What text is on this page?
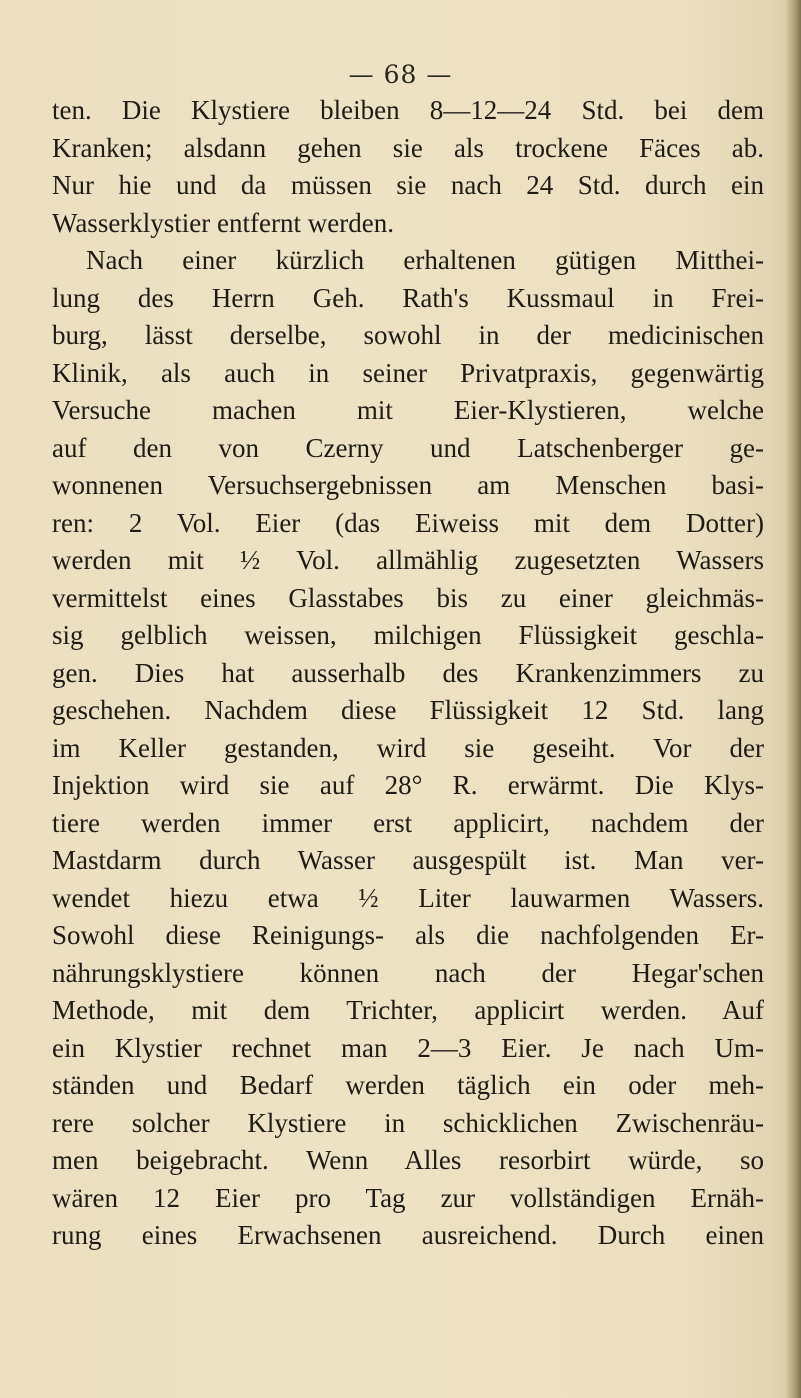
— 68 —
ten. Die Klystiere bleiben 8—12—24 Std. bei dem
Kranken; alsdann gehen sie als trockene Fäces ab.
Nur hie und da müssen sie nach 24 Std. durch ein
Wasserklystier entfernt werden.
Nach einer kürzlich erhaltenen gütigen Mitthei-
lung des Herrn Geh. Rath's Kussmaul in Frei-
burg, lässt derselbe, sowohl in der medicinischen
Klinik, als auch in seiner Privatpraxis, gegenwärtig
Versuche machen mit Eier-Klystieren, welche
auf den von Czerny und Latschenberger ge-
wonnenen Versuchsergebnissen am Menschen basi-
ren: 2 Vol. Eier (das Eiweiss mit dem Dotter)
werden mit ½ Vol. allmählig zugesetzten Wassers
vermittelst eines Glasstabes bis zu einer gleichmäs-
sig gelblich weissen, milchigen Flüssigkeit geschla-
gen. Dies hat ausserhalb des Krankenzimmers zu
geschehen. Nachdem diese Flüssigkeit 12 Std. lang
im Keller gestanden, wird sie geseiht. Vor der
Injektion wird sie auf 28° R. erwärmt. Die Klys-
tiere werden immer erst applicirt, nachdem der
Mastdarm durch Wasser ausgespült ist. Man ver-
wendet hiezu etwa ½ Liter lauwarmen Wassers.
Sowohl diese Reinigungs- als die nachfolgenden Er-
nährungsklystiere können nach der Hegar'schen
Methode, mit dem Trichter, applicirt werden. Auf
ein Klystier rechnet man 2—3 Eier. Je nach Um-
ständen und Bedarf werden täglich ein oder meh-
rere solcher Klystiere in schicklichen Zwischenräu-
men beigebracht. Wenn Alles resorbirt würde, so
wären 12 Eier pro Tag zur vollständigen Ernäh-
rung eines Erwachsenen ausreichend. Durch einen
